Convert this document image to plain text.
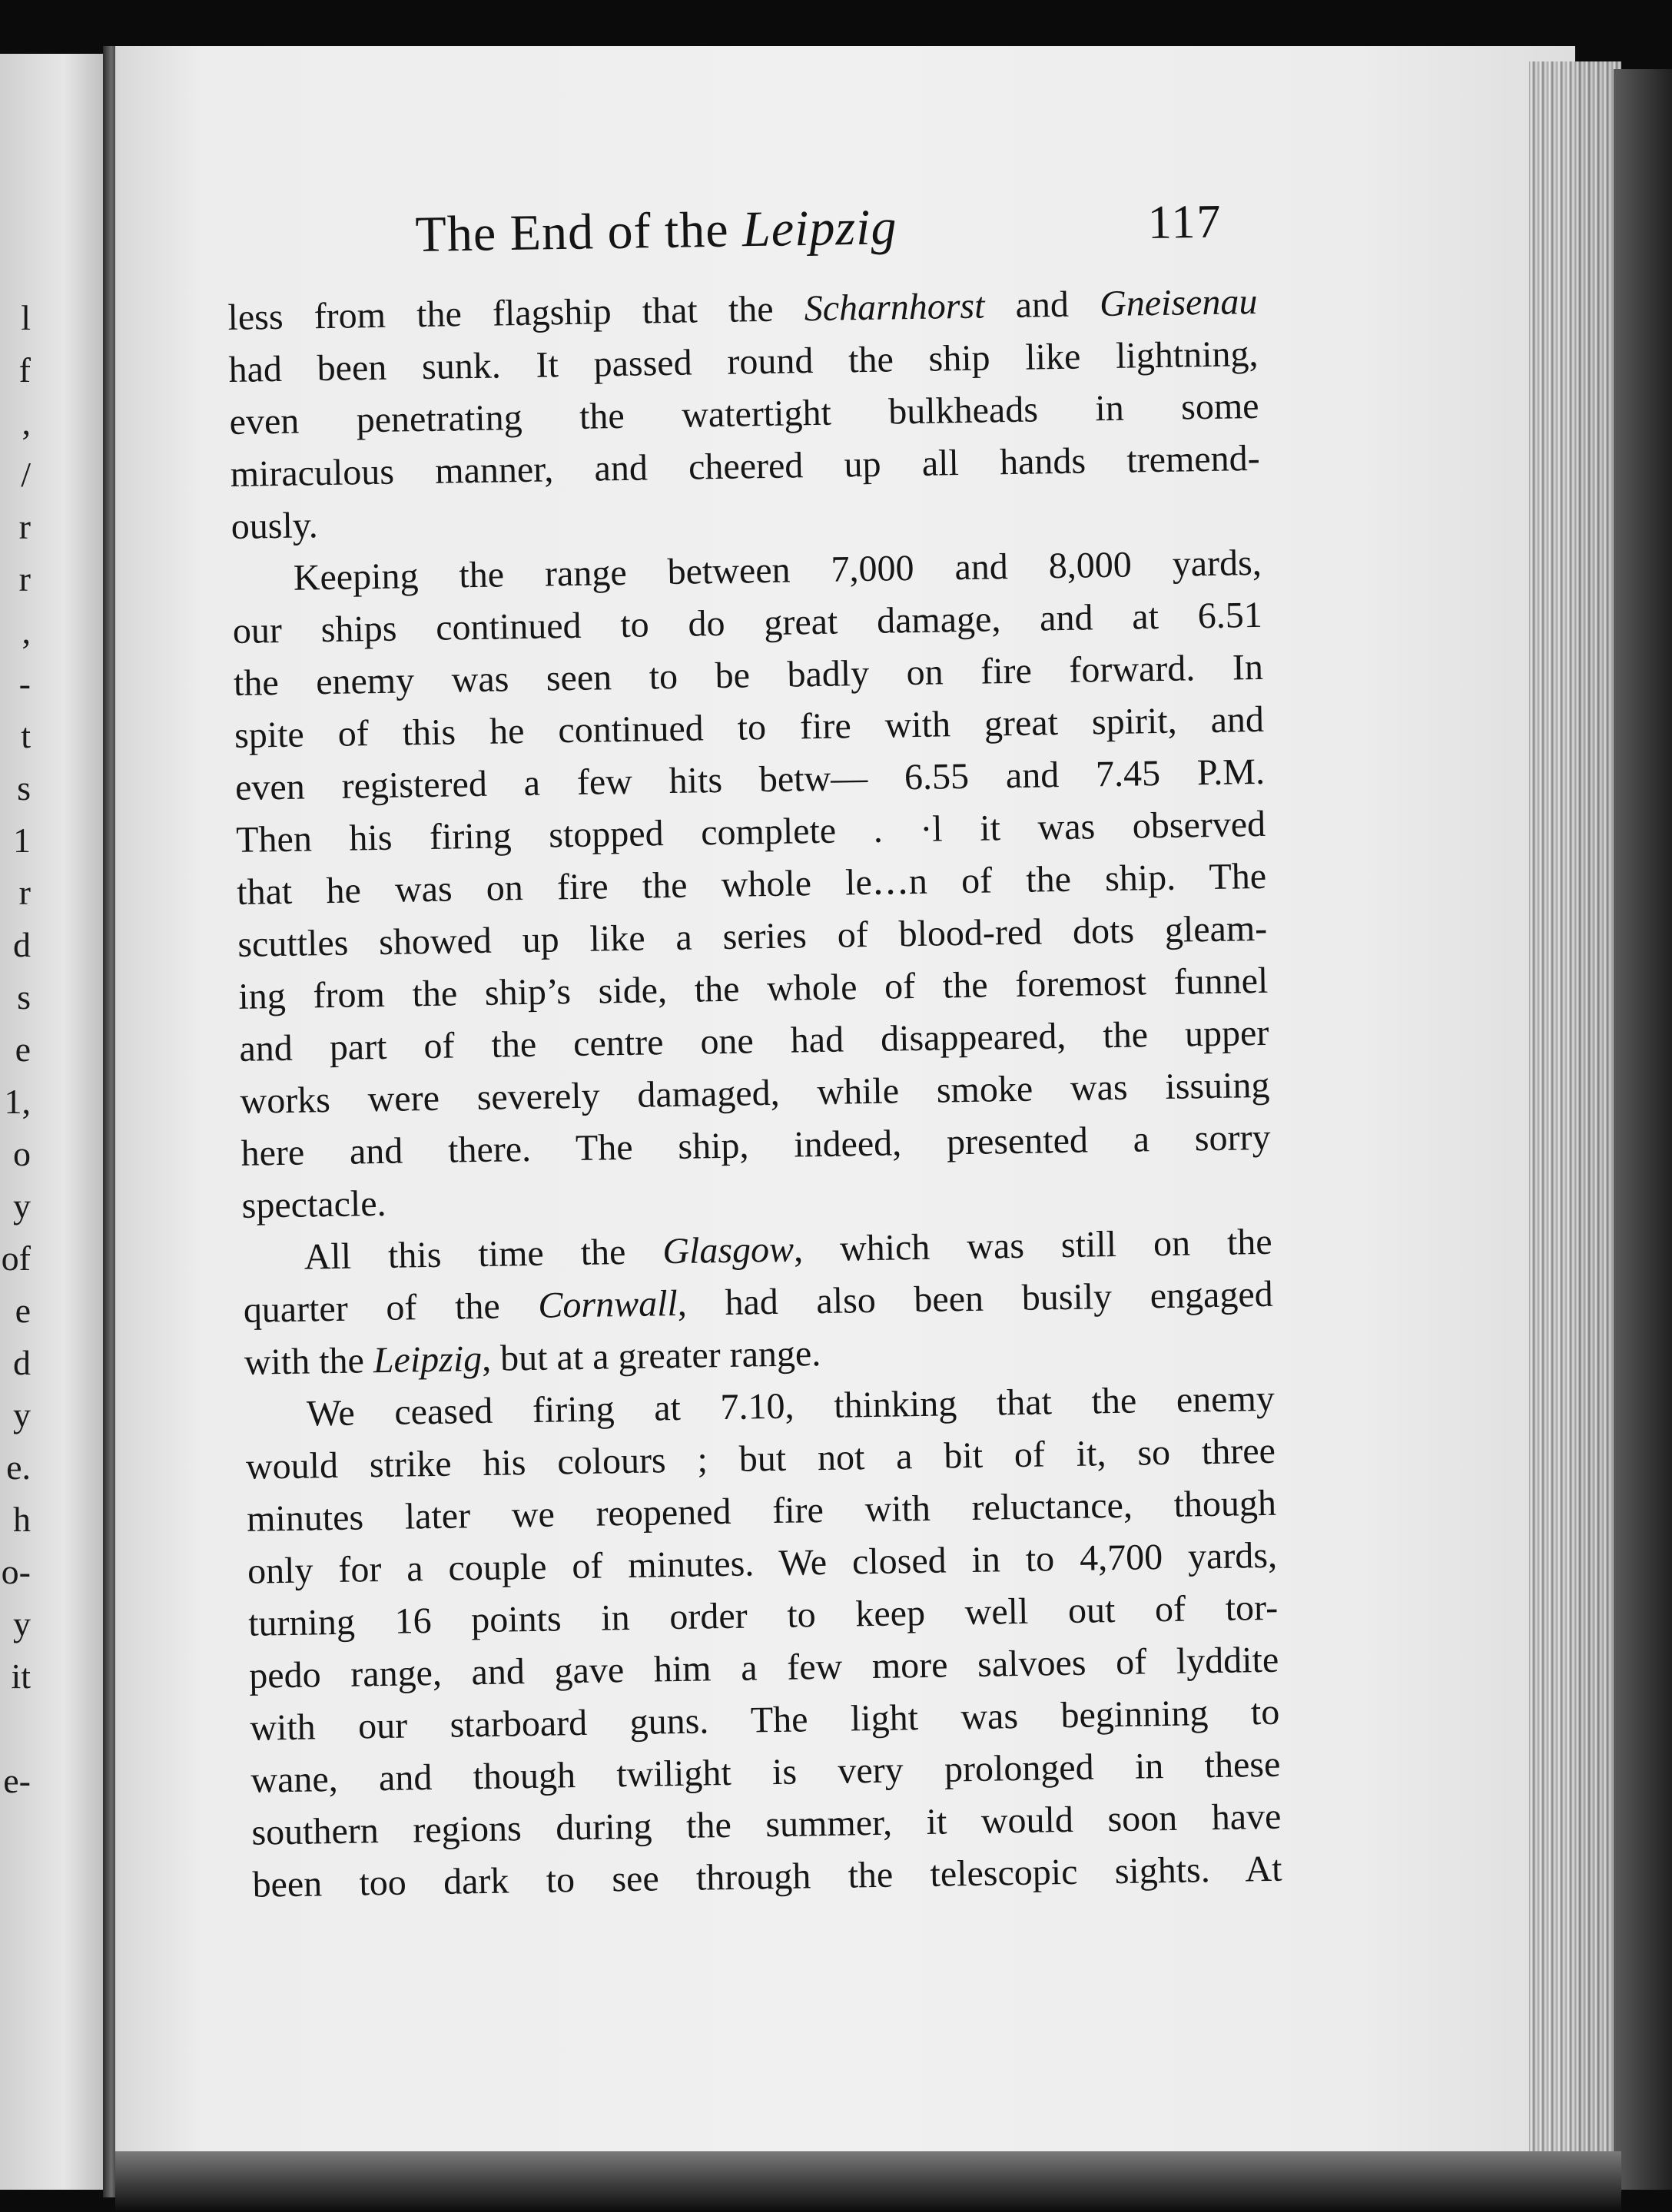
l
f
,
/
r
r
,
-
t
s
1
r
d
s
e
1,
o
y
of
e
d
y
e.
h
o-
y
it
e-
The End of the Leipzig	117
less from the flagship that the Scharnhorst and Gneisenau
had been sunk. It passed round the ship like lightning,
even penetrating the watertight bulkheads in some
miraculous manner, and cheered up all hands tremend-
ously.
Keeping the range between 7,000 and 8,000 yards,
our ships continued to do great damage, and at 6.51
the enemy was seen to be badly on fire forward. In
spite of this he continued to fire with great spirit, and
even registered a few hits betw— 6.55 and 7.45 P.M.
Then his firing stopped complete . ·l it was observed
that he was on fire the whole le․․․n of the ship. The
scuttles showed up like a series of blood-red dots gleam-
ing from the ship’s side, the whole of the foremost funnel
and part of the centre one had disappeared, the upper
works were severely damaged, while smoke was issuing
here and there. The ship, indeed, presented a sorry
spectacle.
All this time the Glasgow, which was still on the
quarter of the Cornwall, had also been busily engaged
with the Leipzig, but at a greater range.
We ceased firing at 7.10, thinking that the enemy
would strike his colours ; but not a bit of it, so three
minutes later we reopened fire with reluctance, though
only for a couple of minutes. We closed in to 4,700 yards,
turning 16 points in order to keep well out of tor-
pedo range, and gave him a few more salvoes of lyddite
with our starboard guns. The light was beginning to
wane, and though twilight is very prolonged in these
southern regions during the summer, it would soon have
been too dark to see through the telescopic sights. At
